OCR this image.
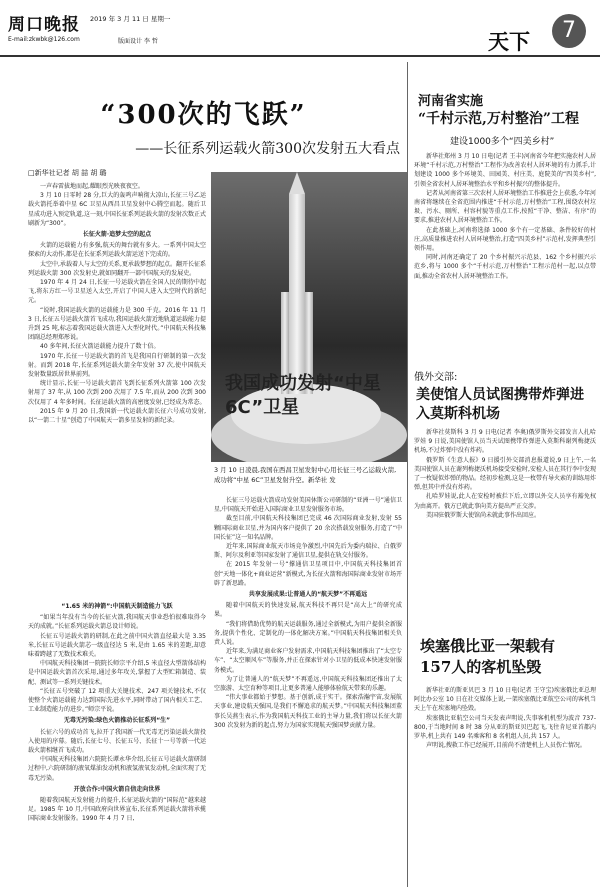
周口晚报 2019 年 3 月 11 日 星期一
E-mail:zkwbk@126.com	版面设计 李 哲	天下	7
“300次的飞跃”
——长征系列运载火箭300次发射五大看点
□新华社记者 胡 喆 胡 璐

一声春雷拔地而起,耀眼烈光映夜夜空。

3 月 10 日零时 28 分,巨大的轰鸣声响彻大凉山,长征三号乙运载火箭托举着中星 6C 卫星从西昌卫星发射中心腾空而起。随后卫星成功进入预定轨道,这一刻,中国长征系列运载火箭的发射次数正式刷新为“300”。

长征火箭·追梦太空的起点

火箭的运载能力有多强,航天的舞台就有多大。一系列中国太空探索的大动作,都是在长征系列运载火箭运送下完成的。

太空中,承载着人与太空的关系,更承载梦想的起点。翻开长征系列运载火箭 300 次发射史,就如同翻开一部中国航天的发展史。

1970 年 4 月 24 日,长征一号运载火箭在全国人民的期待中起飞,将东方红一号卫星送入太空,开启了中国人进入太空时代的新纪元。

“说时,我国运载火箭的运载能力是 300 千克。2016 年 11 月 3 日,长征五号运载火箭首飞成功,我国运载火箭近地轨道运载能力提升到 25 吨,标志着我国运载火箭进入大型化时代。”中国航天科技集团副总经理郑彤说。

40 多年间,长征火箭运载能力提升了数十倍。

1970 年,长征一号运载火箭的首飞是我国自行研制的第一次发射。而到 2018 年,长征系列运载火箭全年发射 37 次,使中国航天发射数量跃居世界前列。

统计显示,长征一号运载火箭首飞到长征系列火箭第 100 次发射用了 37 年,从 100 次到 200 次用了 7.5 年,而从 200 次到 300 次仅用了 4 年多时间。长征运载火箭的高密度发射,已经成为常态。

2015 年 9 月 20 日,我国新一代运载火箭长征六号成功发射,以“一箭二十星”创造了中国航天一箭多星发射的新纪录。

“1.65 米的神箭”:中国航天制造能力飞跃

“如果当年没有当今的长征火箭,我国航天事业恐怕很难取得今天的成就。”长征系列运载火箭总设计师说。

长征五号运载火箭的研制,在此之前中国火箭直径最大是 3.35 米,长征五号运载火箭芯一级直径达 5 米,是由 1.65 米的差距,却意味着跨越了无数技术难关。

中国航天科技集团一院院长师宗平介绍,5 米直径大型箭体结构是中国运载火箭首次采用,通过多年攻关,掌握了大型贮箱制造、装配、测试等一系列关键技术。

“长征五号突破了 12 项重大关键技术、247 项关键技术,不仅使整个火箭运载能力达到国际先进水平,同时带动了国内相关工艺、工业制造能力的进步。”师宗平说。

无毒无污染:绿色火箭推动长征系列“生”

长征六号的成功首飞,拉开了我国新一代无毒无污染运载火箭投入使用的序幕。随后,长征七号、长征五号、长征十一号等新一代运载火箭相继首飞成功。

中国航天科技集团六院院长谭永华介绍,长征五号运载火箭研制过程中,六院研制的液氧煤油发动机和液氢液氧发动机,全面实现了无毒无污染。

开放合作:中国火箭自信走向世界

随着我国航天发射能力的提升,长征运载火箭的“国际范”越来越足。1985 年 10 月,中国政府向世界宣布,长征系列运载火箭将承揽国际商业发射服务。1990 年 4 月 7 日,

我国成功发射“中星 6C”卫星
3 月 10 日凌晨,我国在西昌卫星发射中心用长征三号乙运载火箭,成功将“中星 6C”卫星发射升空。新华社 发

长征三号运载火箭成功发射美国休斯公司研制的“亚洲一号”通信卫星,中国航天开始进入国际商业卫星发射服务市场。

截至目前,中国航天科技集团已完成 46 次国际商业发射,发射 55 颗国际商业卫星,并为国内客户提供了 20 余次搭载发射服务,打造了“中国长征”这一知名品牌。

近年来,国际商业航天市场竞争激烈,中国先后为委内瑞拉、白俄罗斯、阿尔及利亚等国家发射了通信卫星,提供在轨交付服务。

在 2015 年发射一号“撑通信卫星项目中,中国航天科技集团首创“天地一体化+商业运营”新模式,为长征火箭和海国际商业发射市场开辟了新思路。

共享发展成果:让普通人的“航天梦”不再遥远

随着中国航天的快速发展,航天科技不再只是“高大上”的研究成果。

“我们将借助优势的航天运载服务,通过全新模式,为用户提供全新服务,提供个性化、定制化的一体化解决方案。”中国航天科技集团相关负责人说。

近年来,为满足商业客户发射需求,中国航天科技集团推出了“太空专车”、“太空顺风车”等服务,并正在探索针对小卫星的低成本快速发射服务模式。

为了让普通人的“航天梦”不再遥远,中国航天科技集团还推出了太空旅游、太空育种等项目,让更多普通人能够体验航天带来的乐趣。

“伟大事业都始于梦想。基于创新,成于实干。探索浩瀚宇宙,发展航天事业,建设航天强国,是我们不懈追求的航天梦。”中国航天科技集团董事长吴燕生表示,作为我国航天科技工业的主导力量,我们将以长征火箭 300 次发射为新的起点,努力为国家实现航天强国梦贡献力量。

河南省实施
“千村示范,万村整治”工程
建设1000多个“四美乡村”

新华社郑州 3 月 10 日电(记者 王丰)河南省今年把实施农村人居环境“千村示范,万村整治”工程作为改善农村人居环境的有力抓手,计划建设 1000 多个环境美、田园美、村庄美、庭院美的“四美乡村”,引领全省农村人居环境整治水平和乡村振兴的整体提升。

记者从河南省第三次农村人居环境整治工作推进会上获悉,今年河南省将继续在全省范围内推进“千村示范,万村整治”工程,围绕农村垃圾、污水、厕所、村容村貌等重点工作,按照“干净、整洁、有序”的要求,推进农村人居环境整治工作。

在此基础上,河南将选择 1000 多个有一定基础、条件较好的村庄,高质量推进农村人居环境整治,打造“四美乡村”示范村,发挥典型引领作用。

同时,河南还确定了 20 个乡村振兴示范县、162 个乡村振兴示范乡,将与 1000 多个“千村示范,万村整治”工程示范村一起,以点带面,推动全省农村人居环境整治工作。

俄外交部:
美使馆人员试图携带炸弹进入莫斯科机场

新华社莫斯科 3 月 9 日电(记者 李奥)俄罗斯外交部发言人扎哈罗娃 9 日说,美国使馆人员当天试图携带炸弹进入莫斯科谢列梅捷沃机场,不过炸弹中没有炸药。

俄罗斯《生意人报》9 日援引外交部消息报道说,9 日上午,一名美国使馆人员在谢列梅捷沃机场接受安检时,安检人员在其行李中发现了一枚疑似炸弹的物品。经初步检测,这是一枚带有导火索的训练用炸弹,但其中并没有炸药。

扎哈罗娃说,此人在安检时被拦下后,立即以外交人员享有豁免权为由离开。俄方已就此事向美方提出严正交涉。

美国驻俄罗斯大使馆尚未就此事作出回应。

埃塞俄比亚一架载有157人的客机坠毁

新华社亚的斯亚贝巴 3 月 10 日电(记者 王守宝)埃塞俄比亚总理阿比办公室 10 日在社交媒体上说,一架埃塞俄比亚航空公司的客机当天上午在埃塞境内坠毁。

埃塞俄比亚航空公司当天发表声明说,失事客机机型为波音 737-800,于当地时间 8 时 38 分从亚的斯亚贝巴起飞,飞往肯尼亚首都内罗毕,机上共有 149 名乘客和 8 名机组人员,共 157 人。

声明说,搜救工作已经展开,目前尚不清楚机上人员伤亡情况。
